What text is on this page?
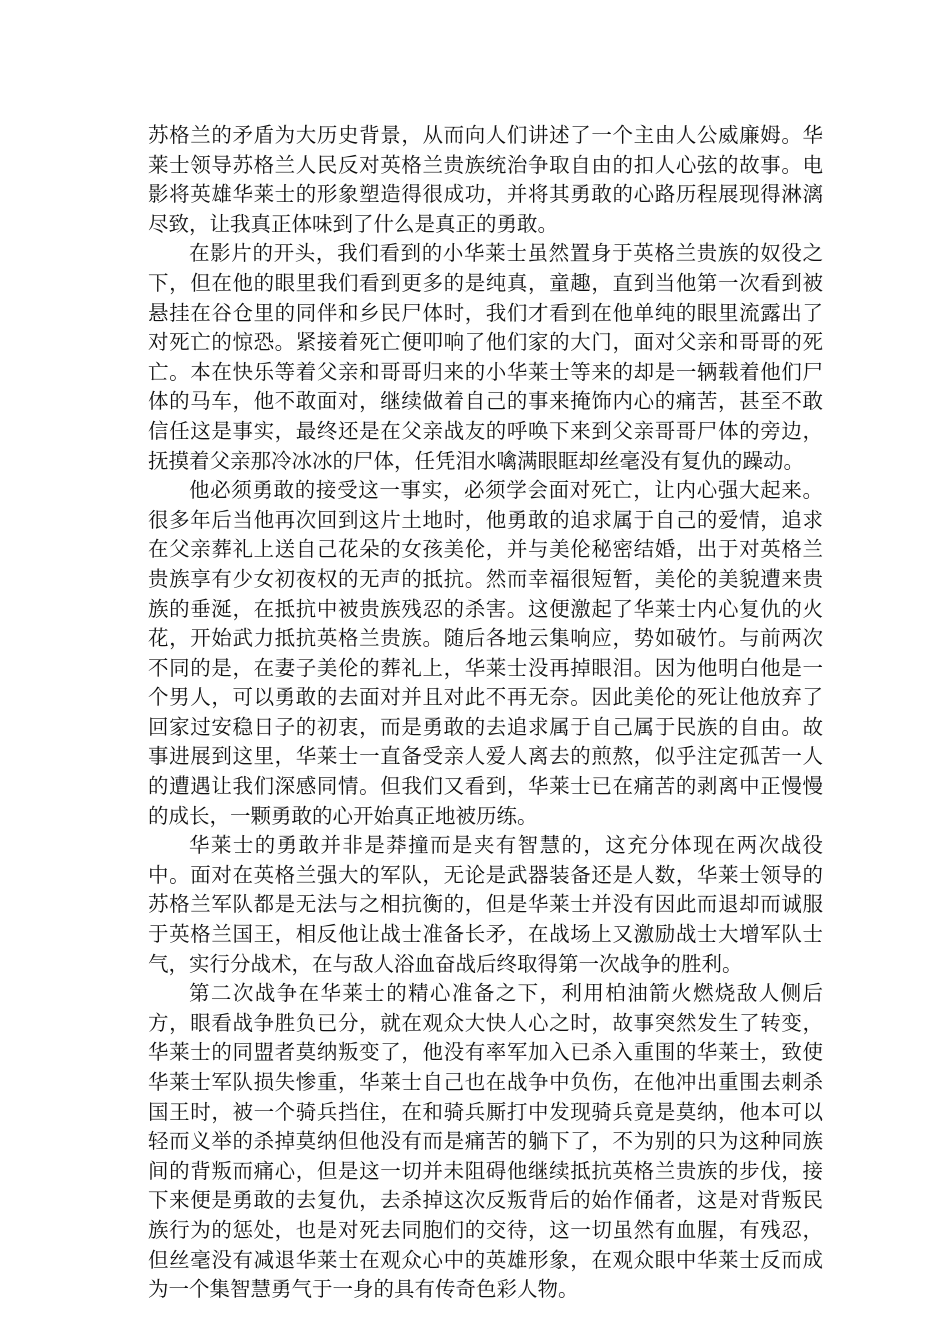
苏格兰的矛盾为大历史背景，从而向人们讲述了一个主由人公威廉姆。华莱士领导苏格兰人民反对英格兰贵族统治争取自由的扣人心弦的故事。电影将英雄华莱士的形象塑造得很成功，并将其勇敢的心路历程展现得淋漓尽致，让我真正体味到了什么是真正的勇敢。

在影片的开头，我们看到的小华莱士虽然置身于英格兰贵族的奴役之下，但在他的眼里我们看到更多的是纯真，童趣，直到当他第一次看到被悬挂在谷仓里的同伴和乡民尸体时，我们才看到在他单纯的眼里流露出了对死亡的惊恐。紧接着死亡便叩响了他们家的大门，面对父亲和哥哥的死亡。本在快乐等着父亲和哥哥归来的小华莱士等来的却是一辆载着他们尸体的马车，他不敢面对，继续做着自己的事来掩饰内心的痛苦，甚至不敢信任这是事实，最终还是在父亲战友的呼唤下来到父亲哥哥尸体的旁边，抚摸着父亲那冷冰冰的尸体，任凭泪水噙满眼眶却丝毫没有复仇的躁动。

他必须勇敢的接受这一事实，必须学会面对死亡，让内心强大起来。很多年后当他再次回到这片土地时，他勇敢的追求属于自己的爱情，追求在父亲葬礼上送自己花朵的女孩美伦，并与美伦秘密结婚，出于对英格兰贵族享有少女初夜权的无声的抵抗。然而幸福很短暂，美伦的美貌遭来贵族的垂涎，在抵抗中被贵族残忍的杀害。这便激起了华莱士内心复仇的火花，开始武力抵抗英格兰贵族。随后各地云集响应，势如破竹。与前两次不同的是，在妻子美伦的葬礼上，华莱士没再掉眼泪。因为他明白他是一个男人，可以勇敢的去面对并且对此不再无奈。因此美伦的死让他放弃了回家过安稳日子的初衷，而是勇敢的去追求属于自己属于民族的自由。故事进展到这里，华莱士一直备受亲人爱人离去的煎熬，似乎注定孤苦一人的遭遇让我们深感同情。但我们又看到，华莱士已在痛苦的剥离中正慢慢的成长，一颗勇敢的心开始真正地被历练。

华莱士的勇敢并非是莽撞而是夹有智慧的，这充分体现在两次战役中。面对在英格兰强大的军队，无论是武器装备还是人数，华莱士领导的苏格兰军队都是无法与之相抗衡的，但是华莱士并没有因此而退却而诚服于英格兰国王，相反他让战士准备长矛，在战场上又激励战士大增军队士气，实行分战术，在与敌人浴血奋战后终取得第一次战争的胜利。

第二次战争在华莱士的精心准备之下，利用柏油箭火燃烧敌人侧后方，眼看战争胜负已分，就在观众大快人心之时，故事突然发生了转变，华莱士的同盟者莫纳叛变了，他没有率军加入已杀入重围的华莱士，致使华莱士军队损失惨重，华莱士自己也在战争中负伤，在他冲出重围去刺杀国王时，被一个骑兵挡住，在和骑兵厮打中发现骑兵竟是莫纳，他本可以轻而义举的杀掉莫纳但他没有而是痛苦的躺下了，不为别的只为这种同族间的背叛而痛心，但是这一切并未阻碍他继续抵抗英格兰贵族的步伐，接下来便是勇敢的去复仇，去杀掉这次反叛背后的始作俑者，这是对背叛民族行为的惩处，也是对死去同胞们的交待，这一切虽然有血腥，有残忍，但丝毫没有减退华莱士在观众心中的英雄形象，在观众眼中华莱士反而成为一个集智慧勇气于一身的具有传奇色彩人物。
